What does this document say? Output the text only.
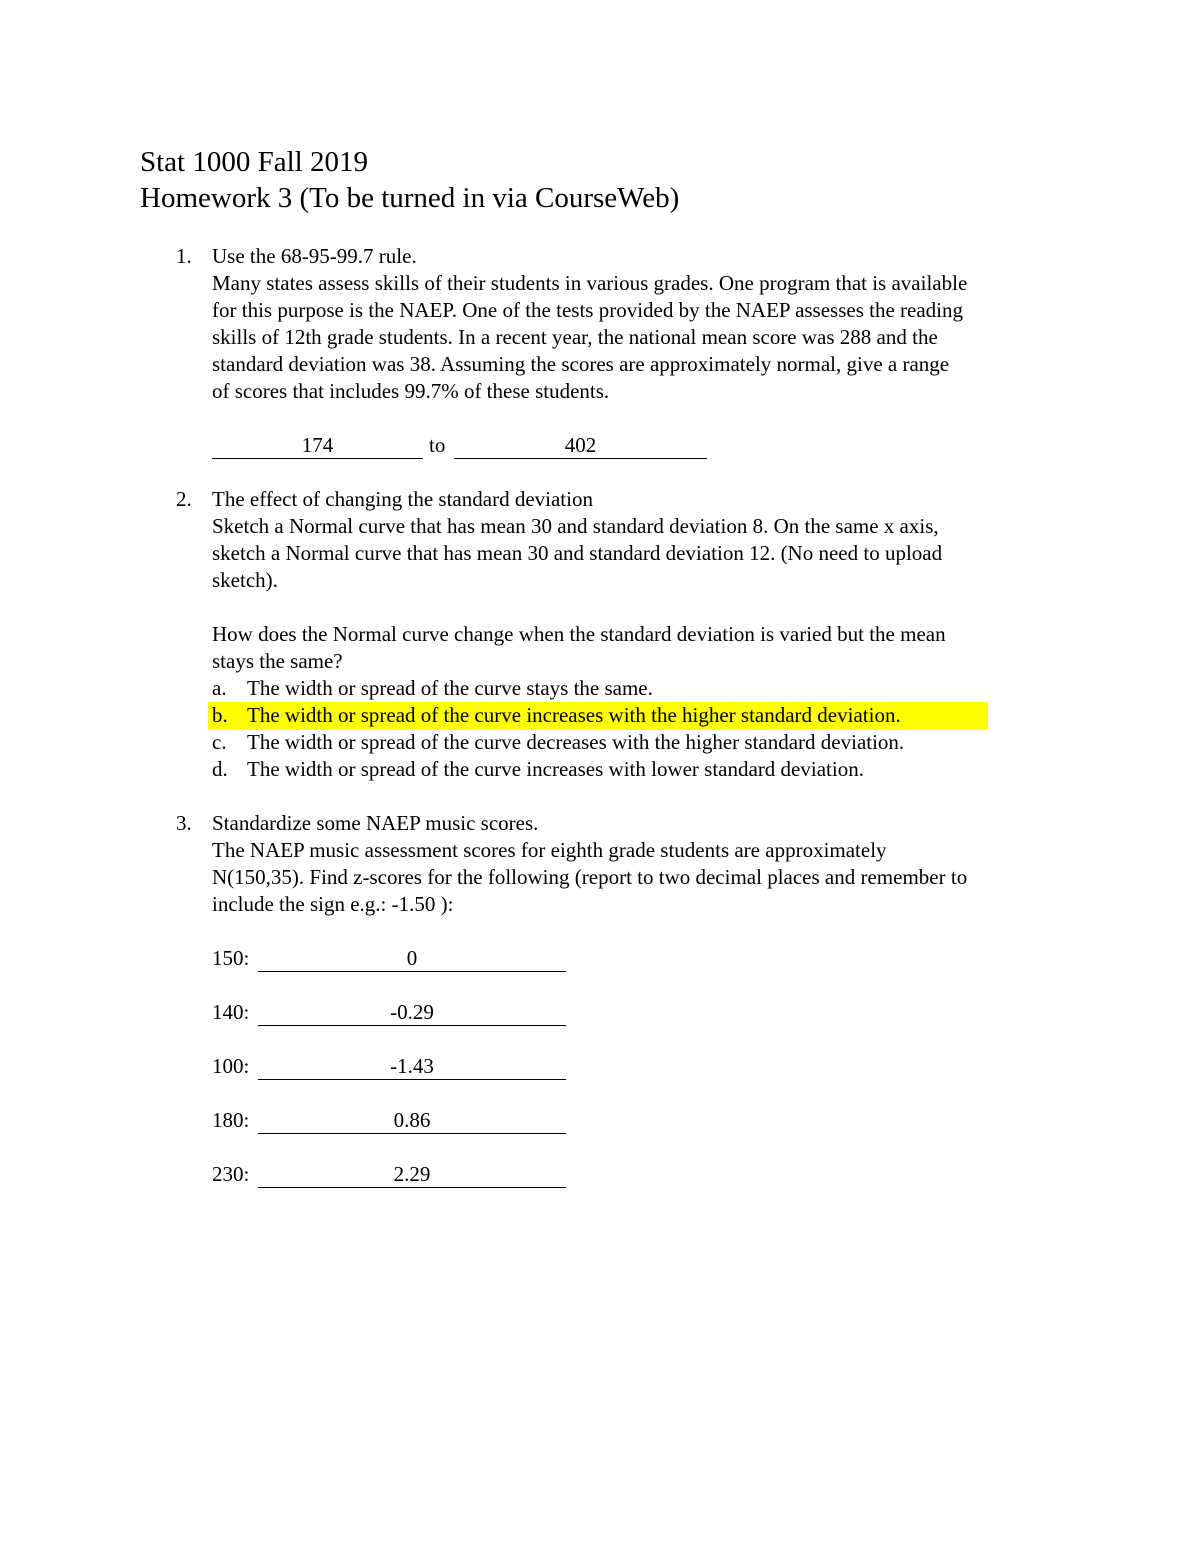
Stat 1000 Fall 2019
Homework 3 (To be turned in via CourseWeb)
1. Use the 68-95-99.7 rule.
Many states assess skills of their students in various grades. One program that is available
for this purpose is the NAEP. One of the tests provided by the NAEP assesses the reading
skills of 12th grade students. In a recent year, the national mean score was 288 and the
standard deviation was 38. Assuming the scores are approximately normal, give a range
of scores that includes 99.7% of these students.
174	to	402
2. The effect of changing the standard deviation
Sketch a Normal curve that has mean 30 and standard deviation 8. On the same x axis,
sketch a Normal curve that has mean 30 and standard deviation 12. (No need to upload
sketch).
How does the Normal curve change when the standard deviation is varied but the mean
stays the same?
a. The width or spread of the curve stays the same.
b. The width or spread of the curve increases with the higher standard deviation.
c. The width or spread of the curve decreases with the higher standard deviation.
d. The width or spread of the curve increases with lower standard deviation.
3. Standardize some NAEP music scores.
The NAEP music assessment scores for eighth grade students are approximately
N(150,35). Find z-scores for the following (report to two decimal places and remember to
include the sign e.g.: -1.50 ):
150:	0
140:	-0.29
100:	-1.43
180:	0.86
230:	2.29
